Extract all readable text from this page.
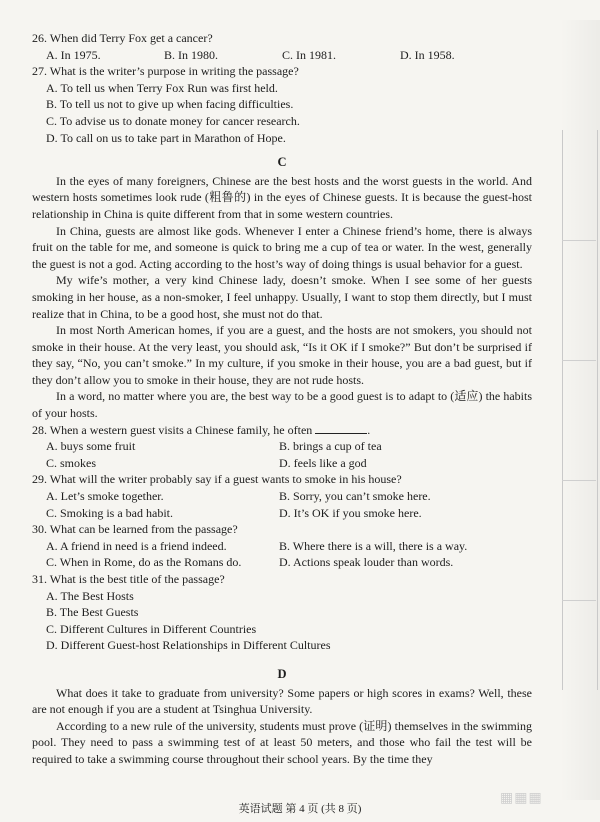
26. When did Terry Fox get a cancer?

A. In 1975.	B. In 1980.	C. In 1981.	D. In 1958.

27. What is the writer’s purpose in writing the passage?

A. To tell us when Terry Fox Run was first held.
B. To tell us not to give up when facing difficulties.
C. To advise us to donate money for cancer research.
D. To call on us to take part in Marathon of Hope.
C

In the eyes of many foreigners, Chinese are the best hosts and the worst guests in the world. And western hosts sometimes look rude (粗鲁的) in the eyes of Chinese guests. It is because the guest-host relationship in China is quite different from that in some western countries.

In China, guests are almost like gods. Whenever I enter a Chinese friend’s home, there is always fruit on the table for me, and someone is quick to bring me a cup of tea or water. In the west, generally the guest is not a god. Acting according to the host’s way of doing things is usual behavior for a guest.

My wife’s mother, a very kind Chinese lady, doesn’t smoke. When I see some of her guests smoking in her house, as a non-smoker, I feel unhappy. Usually, I want to stop them directly, but I must realize that in China, to be a good host, she must not do that.

In most North American homes, if you are a guest, and the hosts are not smokers, you should not smoke in their house. At the very least, you should ask, “Is it OK if I smoke?” But don’t be surprised if they say, “No, you can’t smoke.” In my culture, if you smoke in their house, you are a bad guest, but if they don’t allow you to smoke in their house, they are not rude hosts.

In a word, no matter where you are, the best way to be a good guest is to adapt to (适应) the habits of your hosts.

28. When a western guest visits a Chinese family, he often	.

A. buys some fruit	B. brings a cup of tea
C. smokes	D. feels like a god

29. What will the writer probably say if a guest wants to smoke in his house?

A. Let’s smoke together.	B. Sorry, you can’t smoke here.
C. Smoking is a bad habit.	D. It’s OK if you smoke here.

30. What can be learned from the passage?

A. A friend in need is a friend indeed.	B. Where there is a will, there is a way.
C. When in Rome, do as the Romans do.	D. Actions speak louder than words.

31. What is the best title of the passage?

A. The Best Hosts
B. The Best Guests
C. Different Cultures in Different Countries
D. Different Guest-host Relationships in Different Cultures
D

What does it take to graduate from university? Some papers or high scores in exams? Well, these are not enough if you are a student at Tsinghua University.

According to a new rule of the university, students must prove (证明) themselves in the swimming pool. They need to pass a swimming test of at least 50 meters, and those who fail the test will be required to take a swimming course throughout their school years. By the time they

英语试题 第 4 页 (共 8 页)
▦▦▦
